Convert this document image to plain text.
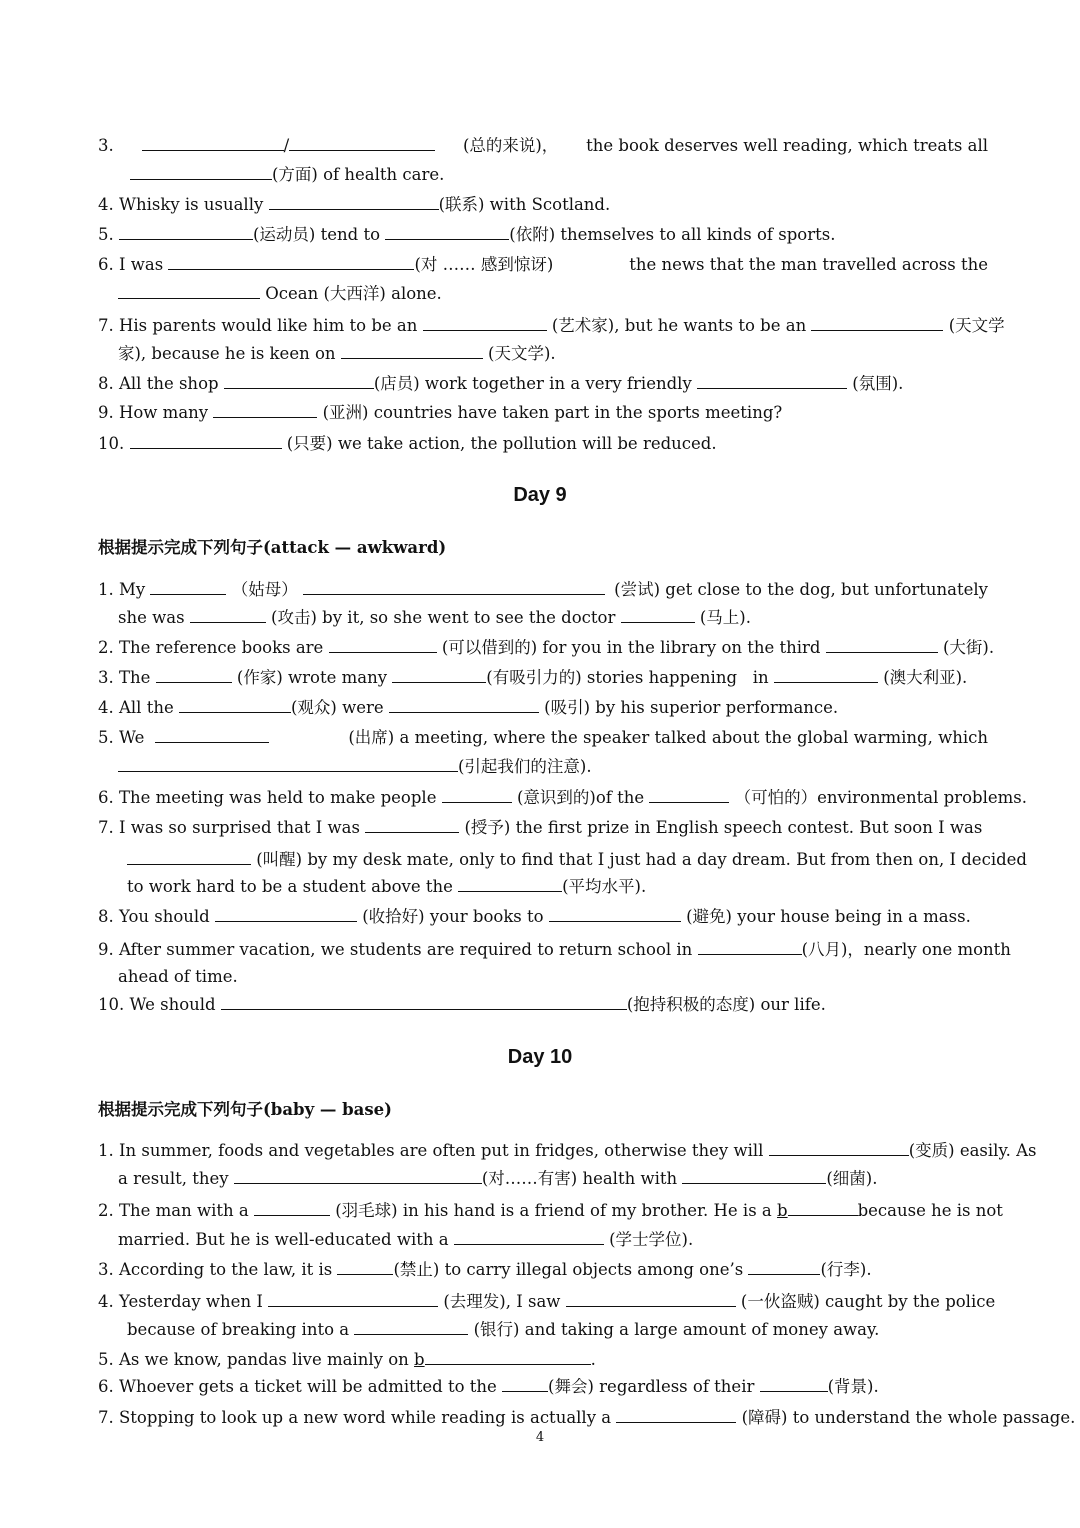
3.	/	(总的来说)， the book deserves well reading, which treats all
(方面) of health care.
4. Whisky is usually	(联系) with Scotland.
5.	(运动员) tend to	(依附) themselves to all kinds of sports.
6. I was	(对 …… 感到惊讶)	the news that the man travelled across the
Ocean (大西洋) alone.
7. His parents would like him to be an	(艺术家), but he wants to be an	(天文学
家), because he is keen on	(天文学).
8. All the shop	(店员) work together in a very friendly	(氛围).
9. How many	(亚洲) countries have taken part in the sports meeting?
10.	(只要) we take action, the pollution will be reduced.
Day 9
根据提示完成下列句子(attack — awkward)
1. My	（姑母）	(尝试) get close to the dog, but unfortunately
she was	(攻击) by it, so she went to see the doctor	(马上).
2. The reference books are	(可以借到的) for you in the library on the third	(大街).
3. The	(作家) wrote many	(有吸引力的) stories happening in	(澳大利亚).
4. All the	(观众) were	(吸引) by his superior performance.
5. We	(出席) a meeting, where the speaker talked about the global warming, which
(引起我们的注意).
6. The meeting was held to make people	(意识到的)of the	（可怕的）environmental problems.
7. I was so surprised that I was	(授予) the first prize in English speech contest. But soon I was
(叫醒) by my desk mate, only to find that I just had a day dream. But from then on, I decided
to work hard to be a student above the	(平均水平).
8. You should	(收拾好) your books to	(避免) your house being in a mass.
9. After summer vacation, we students are required to return school in	(八月)，nearly one month
ahead of time.
10. We should	(抱持积极的态度) our life.
Day 10
根据提示完成下列句子(baby — base)
1. In summer, foods and vegetables are often put in fridges, otherwise they will	(变质) easily. As
a result, they	(对……有害) health with	(细菌).
2. The man with a	(羽毛球) in his hand is a friend of my brother. He is a b	because he is not
married. But he is well-educated with a	(学士学位).
3. According to the law, it is	(禁止) to carry illegal objects among one’s	(行李).
4. Yesterday when I	(去理发), I saw	(一伙盗贼) caught by the police
because of breaking into a	(银行) and taking a large amount of money away.
5. As we know, pandas live mainly on b	.
6. Whoever gets a ticket will be admitted to the	(舞会) regardless of their	(背景).
7. Stopping to look up a new word while reading is actually a	(障碍) to understand the whole passage.
4
